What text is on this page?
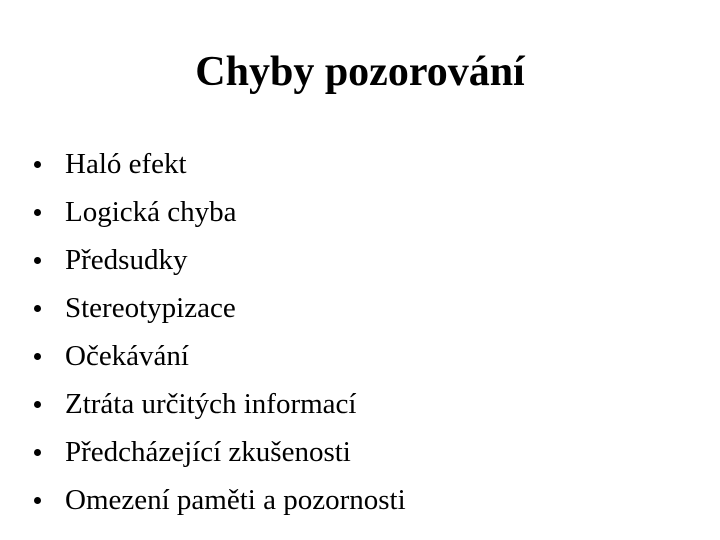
Chyby pozorování
Haló efekt
Logická chyba
Předsudky
Stereotypizace
Očekávání
Ztráta určitých informací
Předcházející zkušenosti
Omezení paměti a pozornosti
